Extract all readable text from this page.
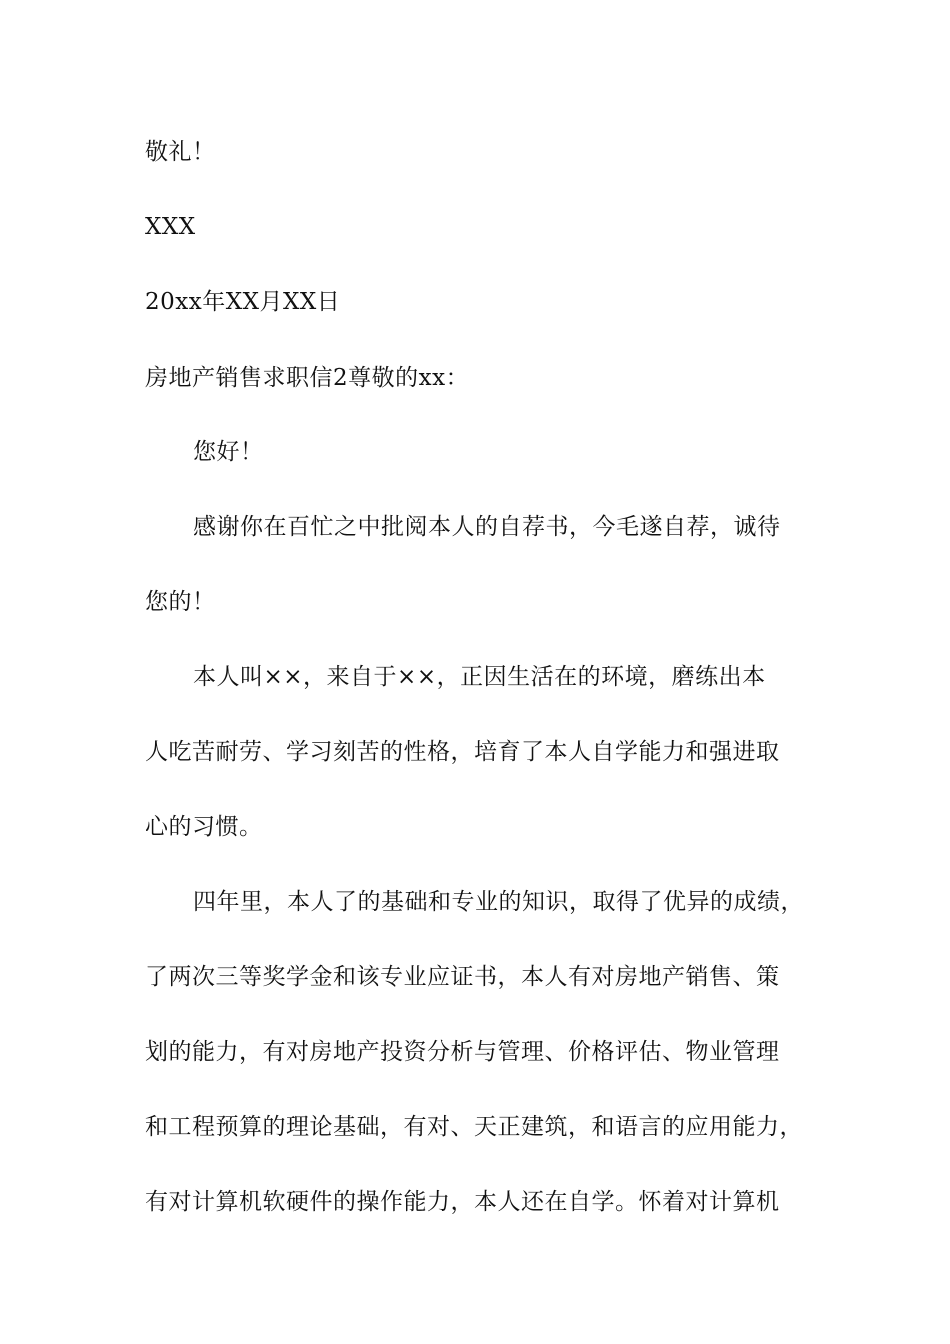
敬礼！
XXX
20xx年XX月XX日
房地产销售求职信2尊敬的xx：
您好！
感谢你在百忙之中批阅本人的自荐书，今毛遂自荐，诚待
您的！
本人叫××，来自于××，正因生活在的环境，磨练出本
人吃苦耐劳、学习刻苦的性格，培育了本人自学能力和强进取
心的习惯。
四年里，本人了的基础和专业的知识，取得了优异的成绩，
了两次三等奖学金和该专业应证书，本人有对房地产销售、策
划的能力，有对房地产投资分析与管理、价格评估、物业管理
和工程预算的理论基础，有对、天正建筑，和语言的应用能力，
有对计算机软硬件的操作能力，本人还在自学。怀着对计算机
